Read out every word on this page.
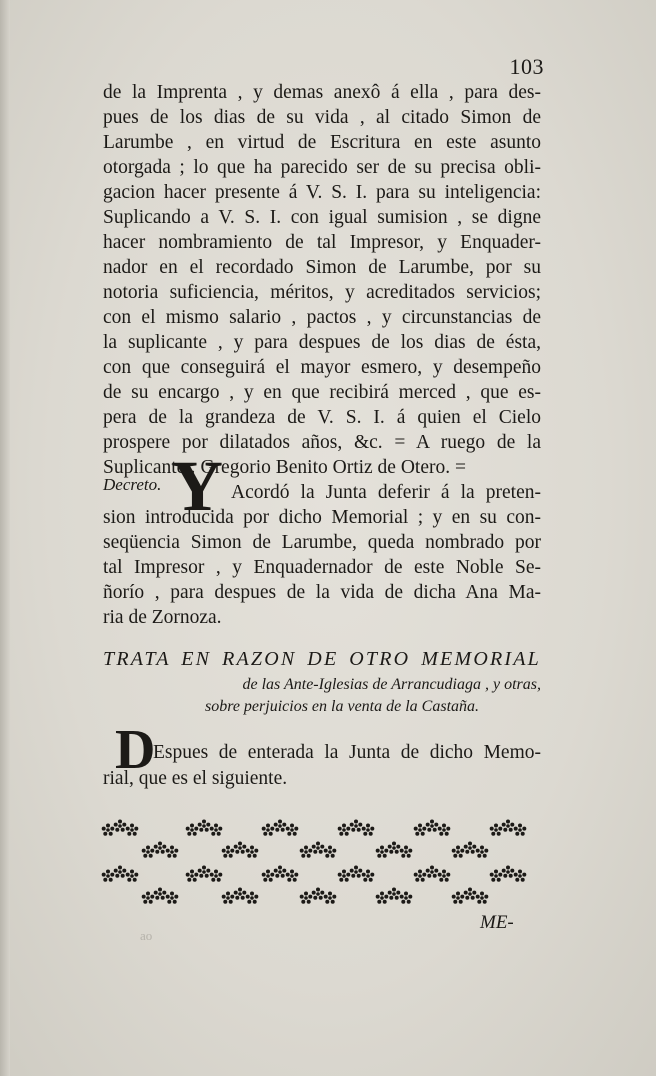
103
de la Imprenta , y demas anexô á ella , para des-
pues de los dias de su vida , al citado Simon de
Larumbe , en virtud de Escritura en este asunto
otorgada ; lo que ha parecido ser de su precisa obli-
gacion hacer presente á V. S. I. para su inteligencia:
Suplicando a V. S. I. con igual sumision , se digne
hacer nombramiento de tal Impresor, y Enquader-
nador en el recordado Simon de Larumbe, por su
notoria suficiencia, méritos, y acreditados servicios;
con el mismo salario , pactos , y circunstancias de
la suplicante , y para despues de los dias de ésta,
con que conseguirá el mayor esmero, y desempeño
de su encargo , y en que recibirá merced , que es-
pera de la grandeza de V. S. I. á quien el Cielo
prospere por dilatados años, &c. = A ruego de la
Suplicante : Gregorio Benito Ortiz de Otero. =
Decreto. Y Acordó la Junta deferir á la preten-
sion introducida por dicho Memorial ; y en su con-
seqüencia Simon de Larumbe, queda nombrado por
tal Impresor , y Enquadernador de este Noble Se-
ñorío , para despues de la vida de dicha Ana Ma-
ria de Zornoza.
TRATA EN RAZON DE OTRO MEMORIAL
de las Ante-Iglesias de Arrancudiaga , y otras,
sobre perjuicios en la venta de la Castaña.
D
Espues de enterada la Junta de dicho Memo-
rial, que es el siguiente.
ME-
ao
